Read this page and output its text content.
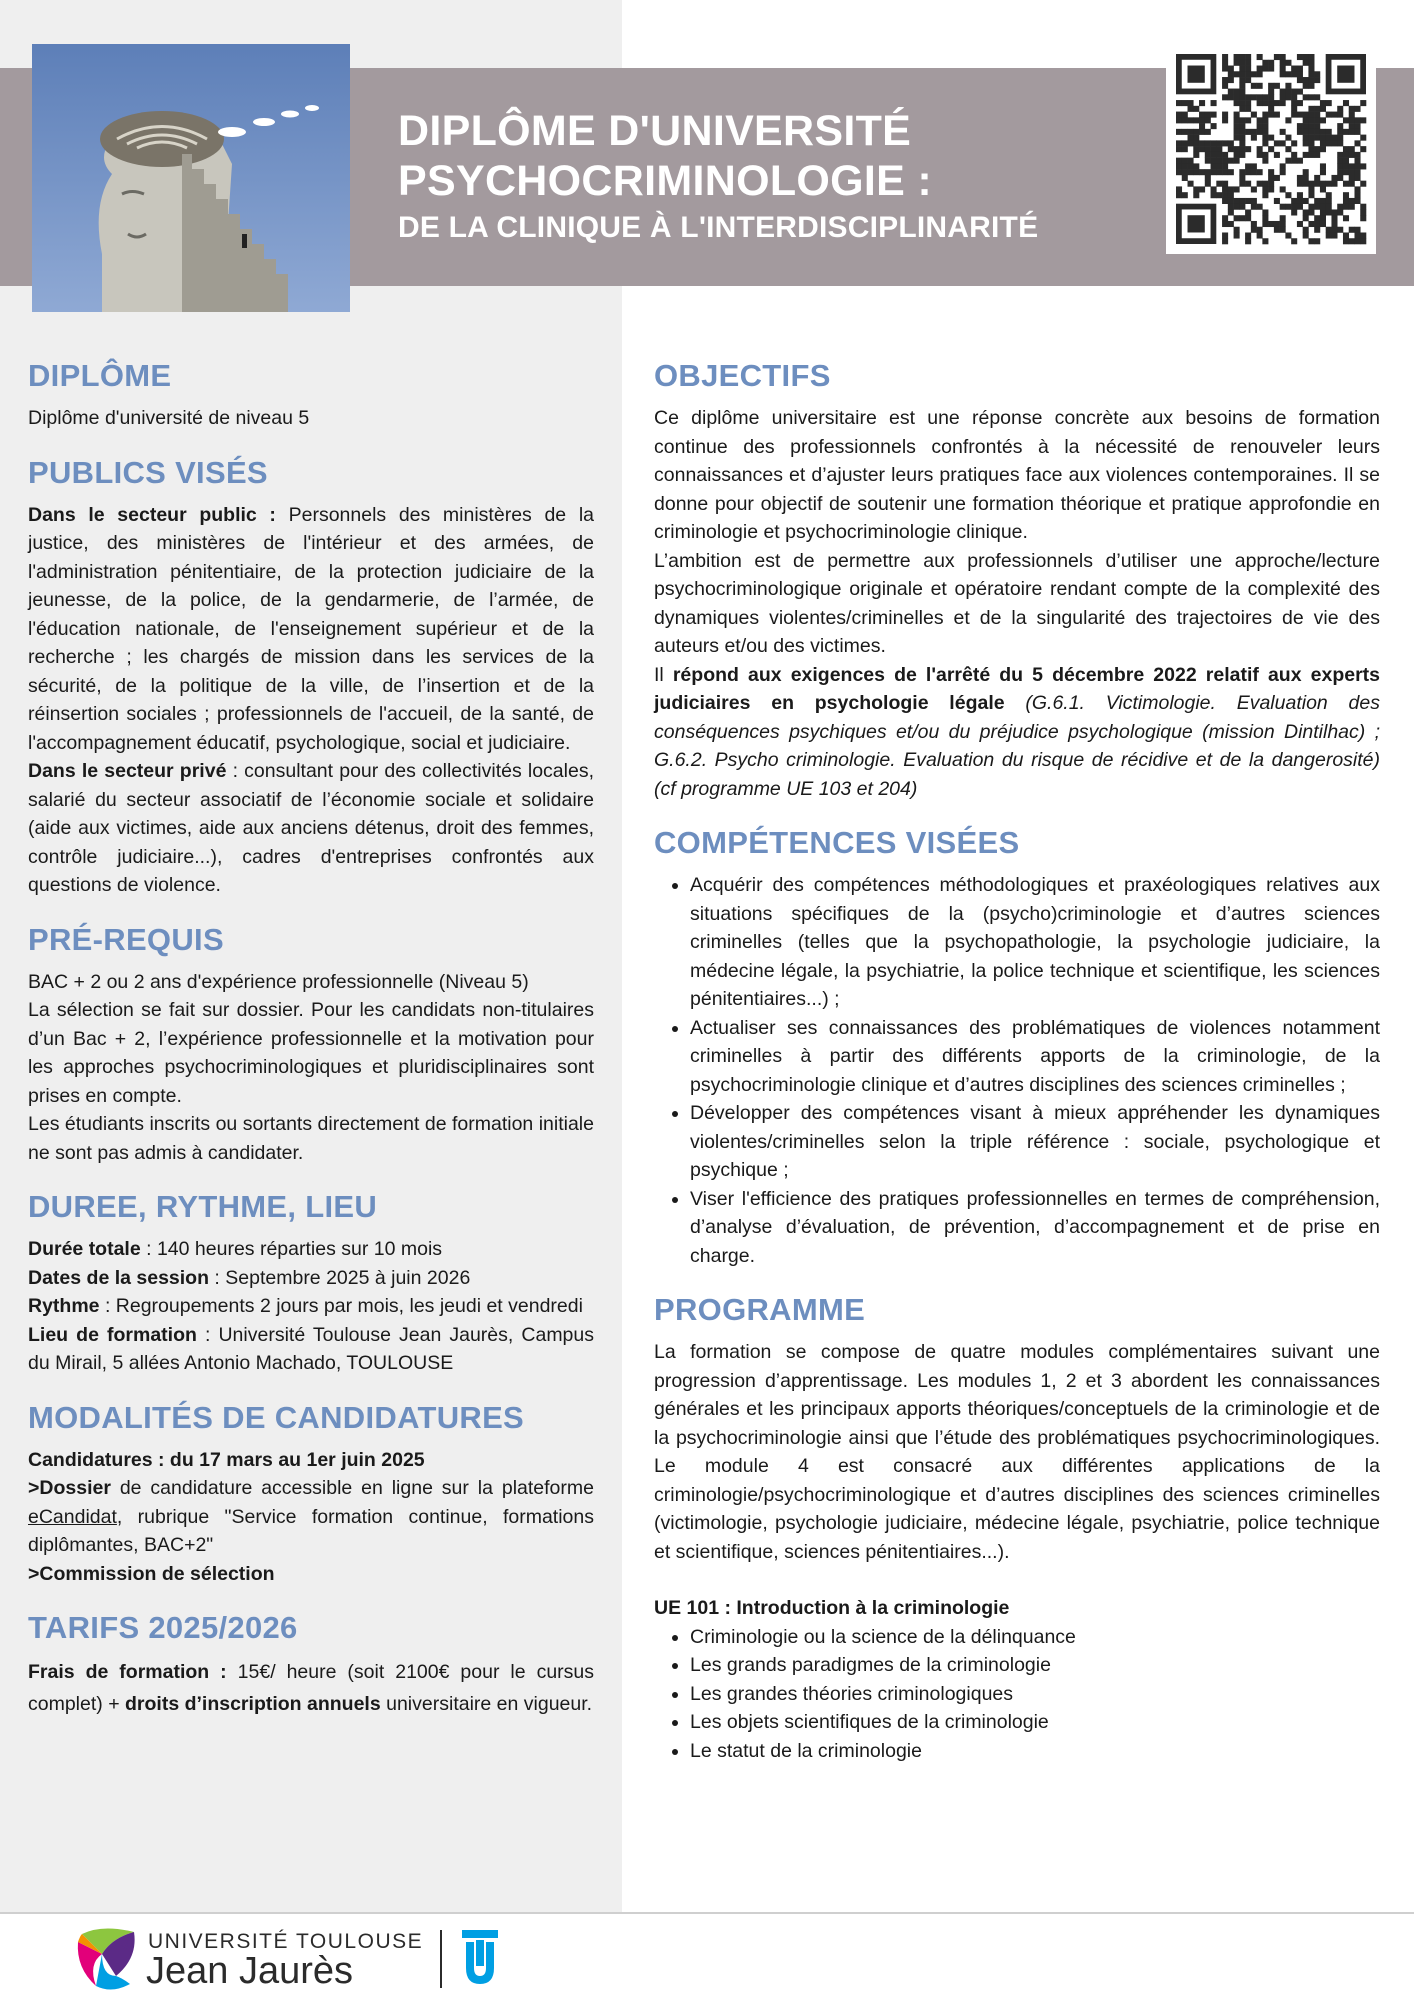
DIPLÔME D'UNIVERSITÉ
PSYCHOCRIMINOLOGIE :
DE LA CLINIQUE À L'INTERDISCIPLINARITÉ
DIPLÔME

Diplôme d'université de niveau 5

PUBLICS VISÉS

Dans le secteur public : Personnels des ministères de la justice, des ministères de l'intérieur et des armées, de l'administration pénitentiaire, de la protection judiciaire de la jeunesse, de la police, de la gendarmerie, de l’armée, de l'éducation nationale, de l'enseignement supérieur et de la recherche ; les chargés de mission dans les services de la sécurité, de la politique de la ville, de l’insertion et de la réinsertion sociales ; professionnels de l'accueil, de la santé, de l'accompagnement éducatif, psychologique, social et judiciaire.

Dans le secteur privé : consultant pour des collectivités locales, salarié du secteur associatif de l’économie sociale et solidaire (aide aux victimes, aide aux anciens détenus, droit des femmes, contrôle judiciaire...), cadres d'entreprises confrontés aux questions de violence.

PRÉ-REQUIS

BAC + 2 ou 2 ans d'expérience professionnelle (Niveau 5)

La sélection se fait sur dossier. Pour les candidats non-titulaires d’un Bac + 2, l’expérience professionnelle et la motivation pour les approches psychocriminologiques et pluridisciplinaires sont prises en compte.

Les étudiants inscrits ou sortants directement de formation initiale ne sont pas admis à candidater.

DUREE, RYTHME, LIEU

Durée totale : 140 heures réparties sur 10 mois

Dates de la session : Septembre 2025 à juin 2026

Rythme : Regroupements 2 jours par mois, les jeudi et vendredi

Lieu de formation : Université Toulouse Jean Jaurès, Campus du Mirail, 5 allées Antonio Machado, TOULOUSE

MODALITÉS DE CANDIDATURES

Candidatures : du 17 mars au 1er juin 2025

>Dossier de candidature accessible en ligne sur la plateforme eCandidat, rubrique "Service formation continue, formations diplômantes, BAC+2"

>Commission de sélection

TARIFS 2025/2026

Frais de formation : 15€/ heure (soit 2100€ pour le cursus complet) + droits d’inscription annuels universitaire en vigueur.

OBJECTIFS

Ce diplôme universitaire est une réponse concrète aux besoins de formation continue des professionnels confrontés à la nécessité de renouveler leurs connaissances et d’ajuster leurs pratiques face aux violences contemporaines. Il se donne pour objectif de soutenir une formation théorique et pratique approfondie en criminologie et psychocriminologie clinique.

L’ambition est de permettre aux professionnels d’utiliser une approche/lecture psychocriminologique originale et opératoire rendant compte de la complexité des dynamiques violentes/criminelles et de la singularité des trajectoires de vie des auteurs et/ou des victimes.

Il répond aux exigences de l'arrêté du 5 décembre 2022 relatif aux experts judiciaires en psychologie légale (G.6.1. Victimologie. Evaluation des conséquences psychiques et/ou du préjudice psychologique (mission Dintilhac) ; G.6.2. Psycho criminologie. Evaluation du risque de récidive et de la dangerosité) (cf programme UE 103 et 204)

COMPÉTENCES VISÉES
• Acquérir des compétences méthodologiques et praxéologiques relatives aux situations spécifiques de la (psycho)criminologie et d’autres sciences criminelles (telles que la psychopathologie, la psychologie judiciaire, la médecine légale, la psychiatrie, la police technique et scientifique, les sciences pénitentiaires...) ;
• Actualiser ses connaissances des problématiques de violences notamment criminelles à partir des différents apports de la criminologie, de la psychocriminologie clinique et d’autres disciplines des sciences criminelles ;
• Développer des compétences visant à mieux appréhender les dynamiques violentes/criminelles selon la triple référence : sociale, psychologique et psychique ;
• Viser l'efficience des pratiques professionnelles en termes de compréhension, d’analyse d’évaluation, de prévention, d’accompagnement et de prise en charge.
PROGRAMME

La formation se compose de quatre modules complémentaires suivant une progression d’apprentissage. Les modules 1, 2 et 3 abordent les connaissances générales et les principaux apports théoriques/conceptuels de la criminologie et de la psychocriminologie ainsi que l’étude des problématiques psychocriminologiques. Le module 4 est consacré aux différentes applications de la criminologie/psychocriminologique et d’autres disciplines des sciences criminelles (victimologie, psychologie judiciaire, médecine légale, psychiatrie, police technique et scientifique, sciences pénitentiaires...).

UE 101 : Introduction à la criminologie

• Criminologie ou la science de la délinquance
• Les grands paradigmes de la criminologie
• Les grandes théories criminologiques
• Les objets scientifiques de la criminologie
• Le statut de la criminologie
UNIVERSITÉ TOULOUSE
Jean Jaurès
